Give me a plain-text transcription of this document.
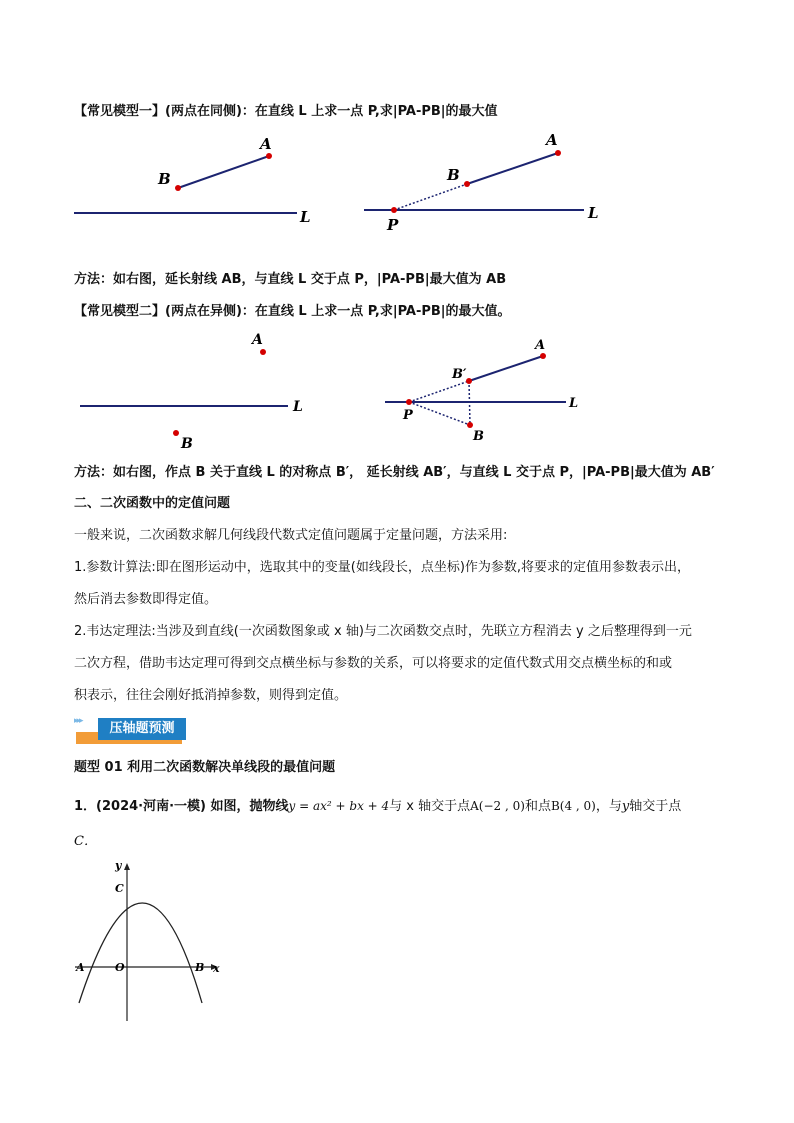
【常见模型一】(两点在同侧)：在直线 L 上求一点 P,求|PA-PB|的最大值
A
B
L
A
B
L
P
方法：如右图，延长射线 AB，与直线 L 交于点 P，|PA-PB|最大值为 AB
【常见模型二】(两点在异侧)：在直线 L 上求一点 P,求|PA-PB|的最大值。
A
B
L
A
B′
L
P
B
方法：如右图，作点 B 关于直线 L 的对称点 B′， 延长射线 AB′，与直线 L 交于点 P，|PA-PB|最大值为 AB′
二、二次函数中的定值问题
一般来说，二次函数求解几何线段代数式定值问题属于定量问题，方法采用:
1.参数计算法:即在图形运动中，选取其中的变量(如线段长，点坐标)作为参数,将要求的定值用参数表示出，
然后消去参数即得定值。
2.韦达定理法:当涉及到直线(一次函数图象或 x 轴)与二次函数交点时，先联立方程消去 y 之后整理得到一元
二次方程，借助韦达定理可得到交点横坐标与参数的关系，可以将要求的定值代数式用交点横坐标的和或
积表示，往往会刚好抵消掉参数，则得到定值。
压轴题预测
▸▸▸
题型 01 利用二次函数解决单线段的最值问题
1．(2024·河南·一模) 如图，抛物线y = ax² + bx + 4与 x 轴交于点A(−2 , 0)和点B(4 , 0)，与y轴交于点
C．
y
x
C
A	O	B
